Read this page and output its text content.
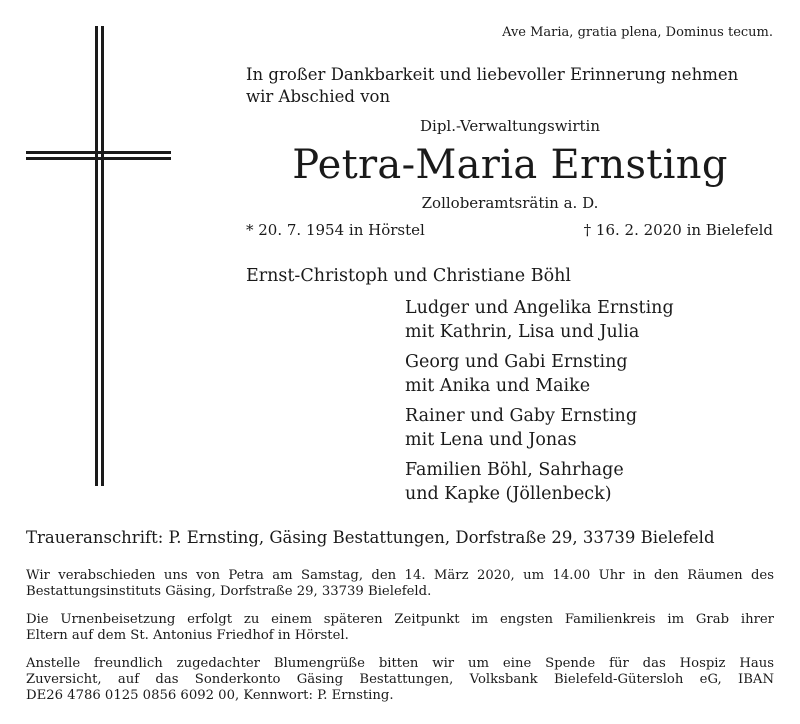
Ave Maria, gratia plena, Dominus tecum.
In großer Dankbarkeit und liebevoller Erinnerung nehmen
wir Abschied von
Dipl.-Verwaltungswirtin
Petra-Maria Ernsting
Zolloberamtsrätin a. D.
* 20. 7. 1954 in Hörstel	† 16. 2. 2020 in Bielefeld
Ernst-Christoph und Christiane Böhl
Ludger und Angelika Ernsting
mit Kathrin, Lisa und Julia
Georg und Gabi Ernsting
mit Anika und Maike
Rainer und Gaby Ernsting
mit Lena und Jonas
Familien Böhl, Sahrhage
und Kapke (Jöllenbeck)
Traueranschrift: P. Ernsting, Gäsing Bestattungen, Dorfstraße 29, 33739 Bielefeld
Wir verabschieden uns von Petra am Samstag, den 14. März 2020, um 14.00 Uhr in den Räumen des
Bestattungsinstituts Gäsing, Dorfstraße 29, 33739 Bielefeld.
Die Urnenbeisetzung erfolgt zu einem späteren Zeitpunkt im engsten Familienkreis im Grab ihrer
Eltern auf dem St. Antonius Friedhof in Hörstel.
Anstelle freundlich zugedachter Blumengrüße bitten wir um eine Spende für das Hospiz Haus
Zuversicht, auf das Sonderkonto Gäsing Bestattungen, Volksbank Bielefeld-Gütersloh eG, IBAN
DE26 4786 0125 0856 6092 00, Kennwort: P. Ernsting.
